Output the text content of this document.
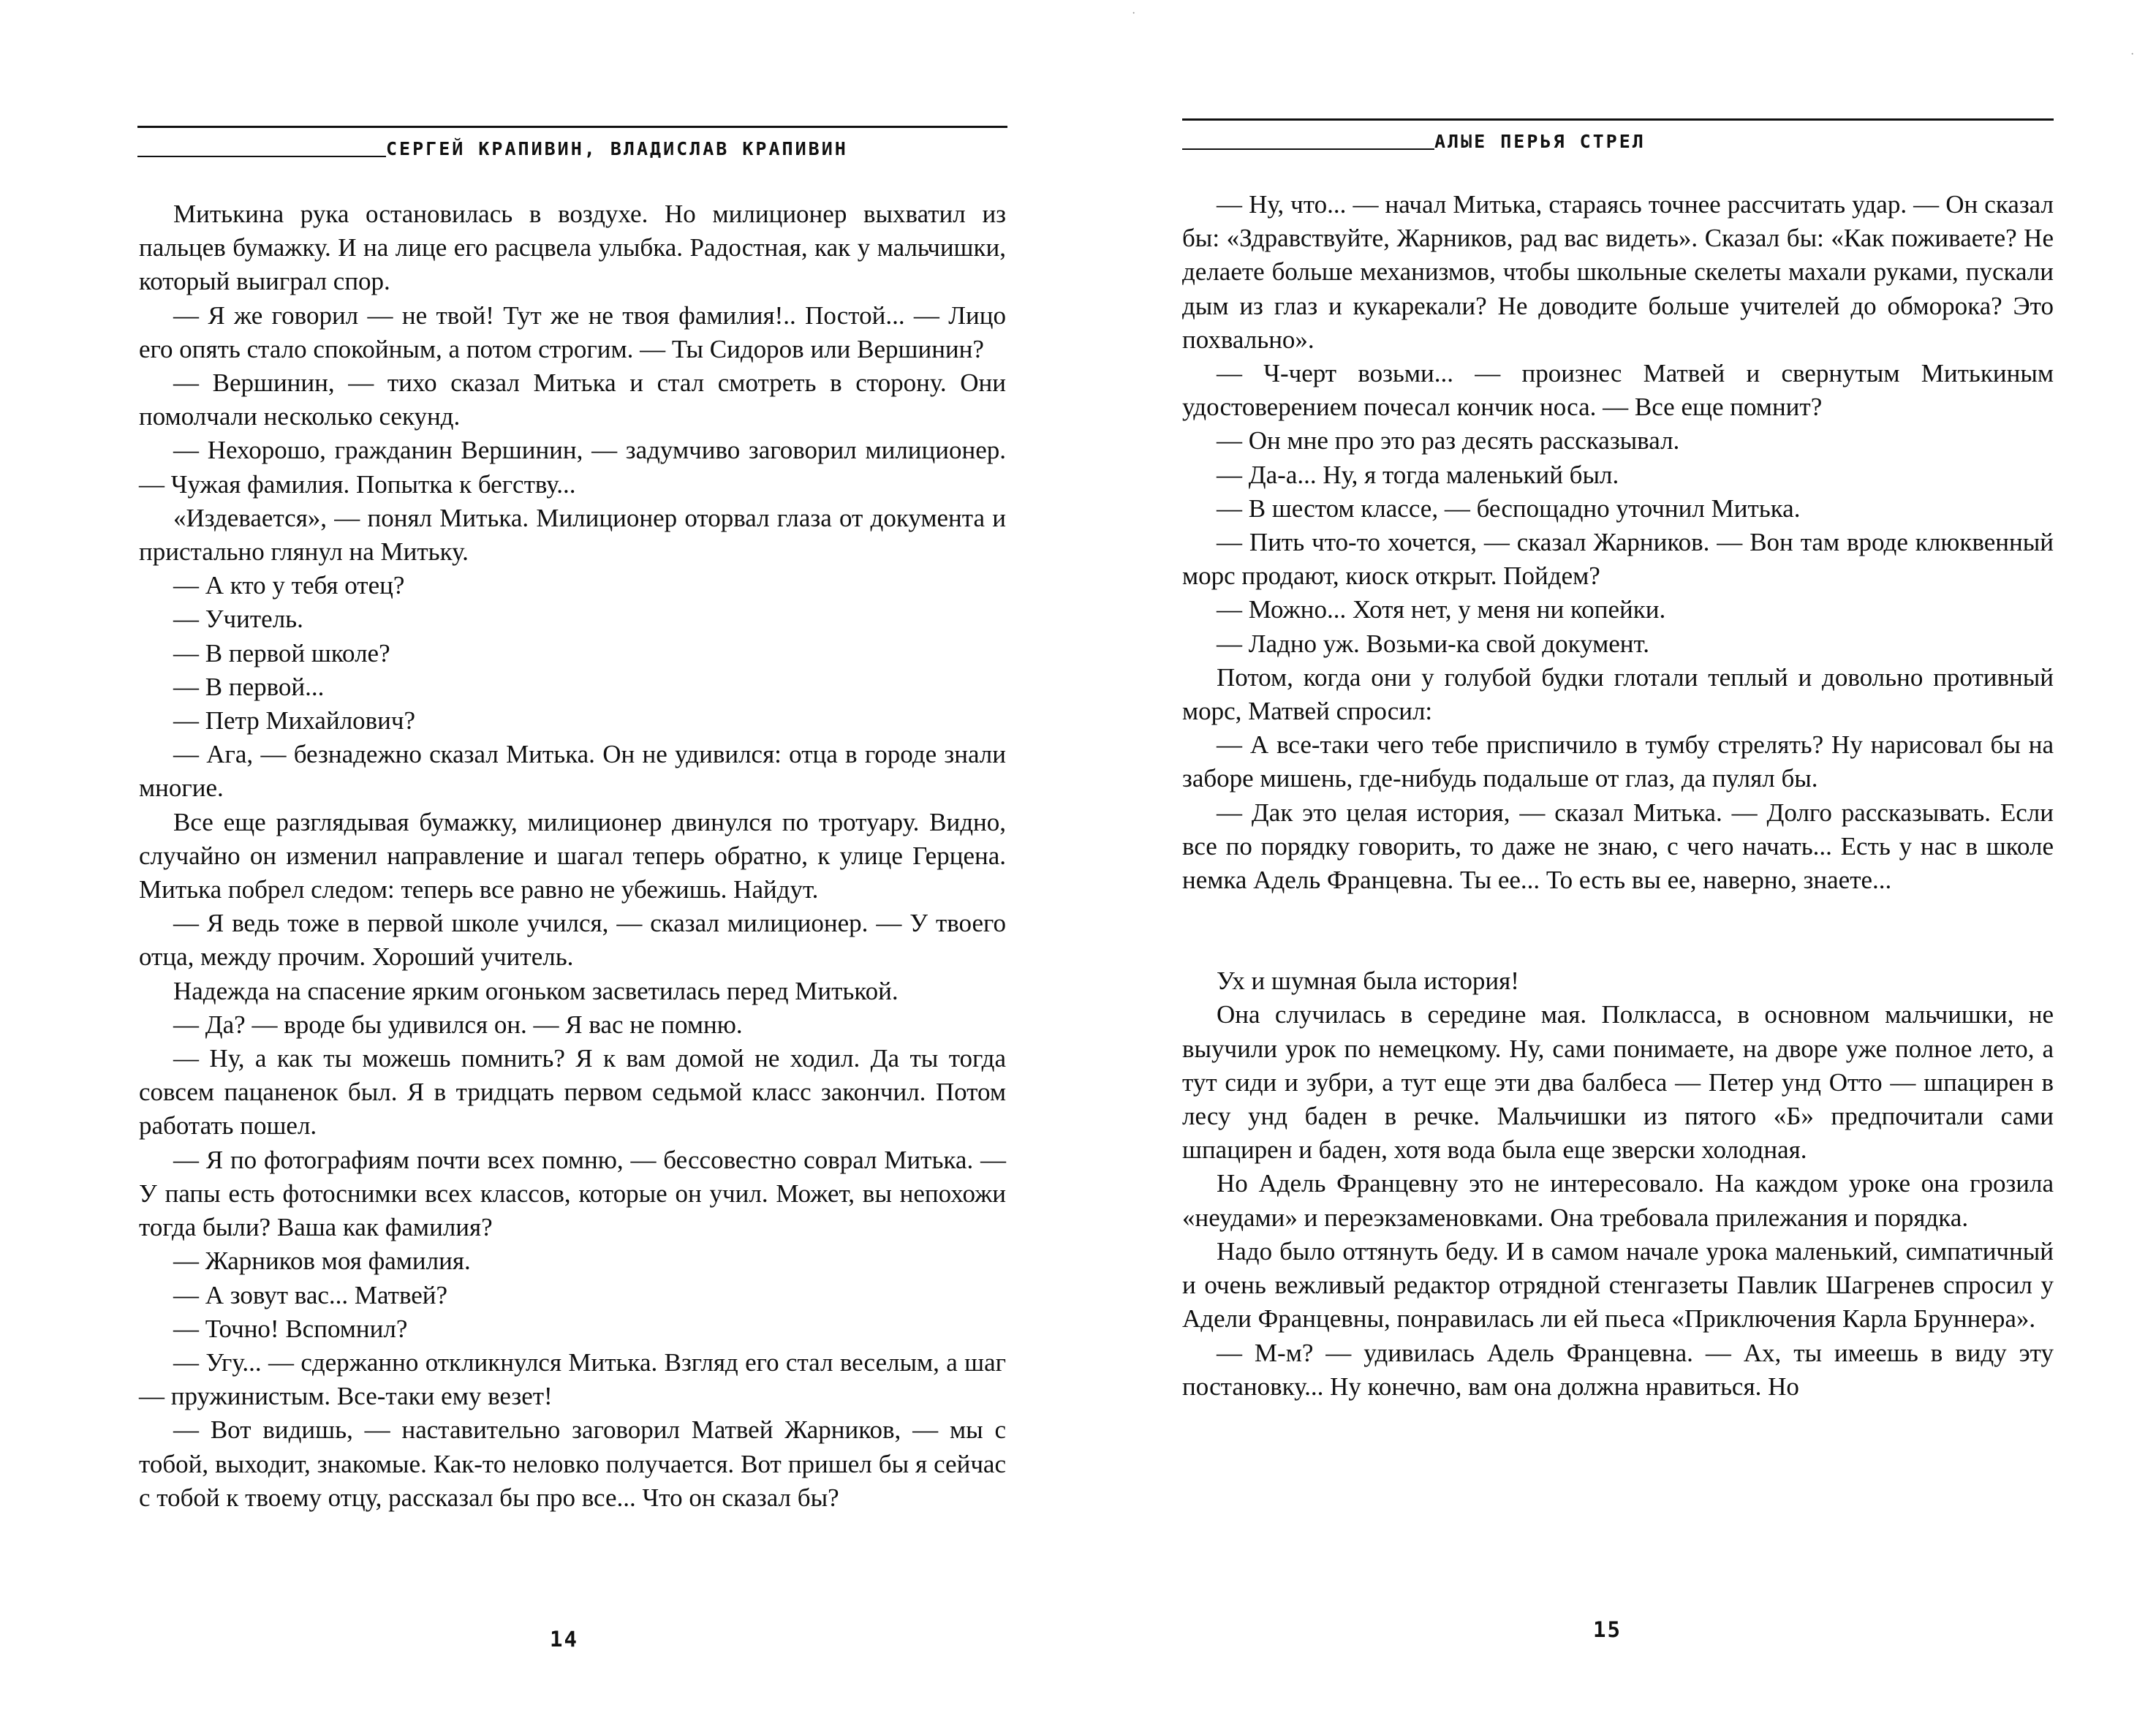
·
·
СЕРГЕЙ КРАПИВИН, ВЛАДИСЛАВ КРАПИВИН

Митькина рука остановилась в воздухе. Но милиционер выхватил из пальцев бумажку. И на лице его расцвела улыбка. Радостная, как у мальчишки, который выиграл спор.

— Я же говорил — не твой! Тут же не твоя фамилия!.. Постой... — Лицо его опять стало спокойным, а потом строгим. — Ты Сидоров или Вершинин?

— Вершинин, — тихо сказал Митька и стал смотреть в сторону. Они помолчали несколько секунд.

— Нехорошо, гражданин Вершинин, — задумчиво заговорил милиционер. — Чужая фамилия. Попытка к бегству...

«Издевается», — понял Митька. Милиционер оторвал глаза от документа и пристально глянул на Митьку.

— А кто у тебя отец?

— Учитель.

— В первой школе?

— В первой...

— Петр Михайлович?

— Ага, — безнадежно сказал Митька. Он не удивился: отца в городе знали многие.

Все еще разглядывая бумажку, милиционер двинулся по тротуару. Видно, случайно он изменил направление и шагал теперь обратно, к улице Герцена. Митька побрел следом: теперь все равно не убежишь. Найдут.

— Я ведь тоже в первой школе учился, — сказал милиционер. — У твоего отца, между прочим. Хороший учитель.

Надежда на спасение ярким огоньком засветилась перед Митькой.

— Да? — вроде бы удивился он. — Я вас не помню.

— Ну, а как ты можешь помнить? Я к вам домой не ходил. Да ты тогда совсем пацаненок был. Я в тридцать первом седьмой класс закончил. Потом работать пошел.

— Я по фотографиям почти всех помню, — бессовестно соврал Митька. — У папы есть фотоснимки всех классов, которые он учил. Может, вы непохожи тогда были? Ваша как фамилия?

— Жарников моя фамилия.

— А зовут вас... Матвей?

— Точно! Вспомнил?

— Угу... — сдержанно откликнулся Митька. Взгляд его стал веселым, а шаг — пружинистым. Все-таки ему везет!

— Вот видишь, — наставительно заговорил Матвей Жарников, — мы с тобой, выходит, знакомые. Как-то неловко получается. Вот пришел бы я сейчас с тобой к твоему отцу, рассказал бы про все... Что он сказал бы?

14
АЛЫЕ ПЕРЬЯ СТРЕЛ

— Ну, что... — начал Митька, стараясь точнее рассчитать удар. — Он сказал бы: «Здравствуйте, Жарников, рад вас видеть». Сказал бы: «Как поживаете? Не делаете больше механизмов, чтобы школьные скелеты махали руками, пускали дым из глаз и кукарекали? Не доводите больше учителей до обморока? Это похвально».

— Ч-черт возьми... — произнес Матвей и свернутым Митькиным удостоверением почесал кончик носа. — Все еще помнит?

— Он мне про это раз десять рассказывал.

— Да-а... Ну, я тогда маленький был.

— В шестом классе, — беспощадно уточнил Митька.

— Пить что-то хочется, — сказал Жарников. — Вон там вроде клюквенный морс продают, киоск открыт. Пойдем?

— Можно... Хотя нет, у меня ни копейки.

— Ладно уж. Возьми-ка свой документ.

Потом, когда они у голубой будки глотали теплый и довольно противный морс, Матвей спросил:

— А все-таки чего тебе приспичило в тумбу стрелять? Ну нарисовал бы на заборе мишень, где-нибудь подальше от глаз, да пулял бы.

— Дак это целая история, — сказал Митька. — Долго рассказывать. Если все по порядку говорить, то даже не знаю, с чего начать... Есть у нас в школе немка Адель Францевна. Ты ее... То есть вы ее, наверно, знаете...

Ух и шумная была история!

Она случилась в середине мая. Полкласса, в основном мальчишки, не выучили урок по немецкому. Ну, сами понимаете, на дворе уже полное лето, а тут сиди и зубри, а тут еще эти два балбеса — Петер унд Отто — шпацирен в лесу унд баден в речке. Мальчишки из пятого «Б» предпочитали сами шпацирен и баден, хотя вода была еще зверски холодная.

Но Адель Францевну это не интересовало. На каждом уроке она грозила «неудами» и переэкзаменовками. Она требовала прилежания и порядка.

Надо было оттянуть беду. И в самом начале урока маленький, симпатичный и очень вежливый редактор отрядной стенгазеты Павлик Шагренев спросил у Адели Францевны, понравилась ли ей пьеса «Приключения Карла Бруннера».

— М-м? — удивилась Адель Францевна. — Ах, ты имеешь в виду эту постановку... Ну конечно, вам она должна нравиться. Но

15
